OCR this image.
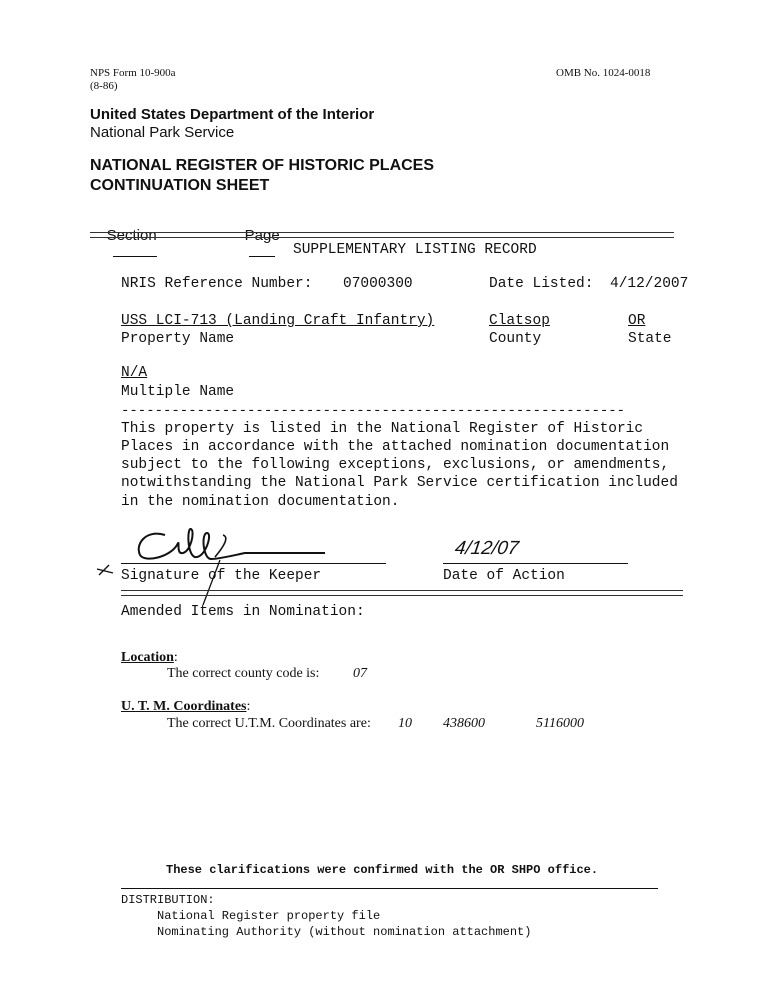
NPS Form 10-900a
(8-86)
OMB No. 1024-0018
United States Department of the Interior
National Park Service
NATIONAL REGISTER OF HISTORIC PLACES
CONTINUATION SHEET

Section

	Page

SUPPLEMENTARY LISTING RECORD
NRIS Reference Number: 07000300	Date Listed: 4/12/2007
USS LCI-713 (Landing Craft Infantry)	Clatsop	OR
Property Name	County	State
N/A
Multiple Name
------------------------------------------------------------
This property is listed in the National Register of Historic
Places in accordance with the attached nomination documentation
subject to the following exceptions, exclusions, or amendments,
notwithstanding the National Park Service certification included
in the nomination documentation.
Signature of the Keeper
4/12/07
Date of Action
Amended Items in Nomination:
Location:
The correct county code is: 07
U. T. M. Coordinates:
The correct U.T.M. Coordinates are: 10 438600	5116000
These clarifications were confirmed with the OR SHPO office.
DISTRIBUTION:
National Register property file
Nominating Authority (without nomination attachment)
